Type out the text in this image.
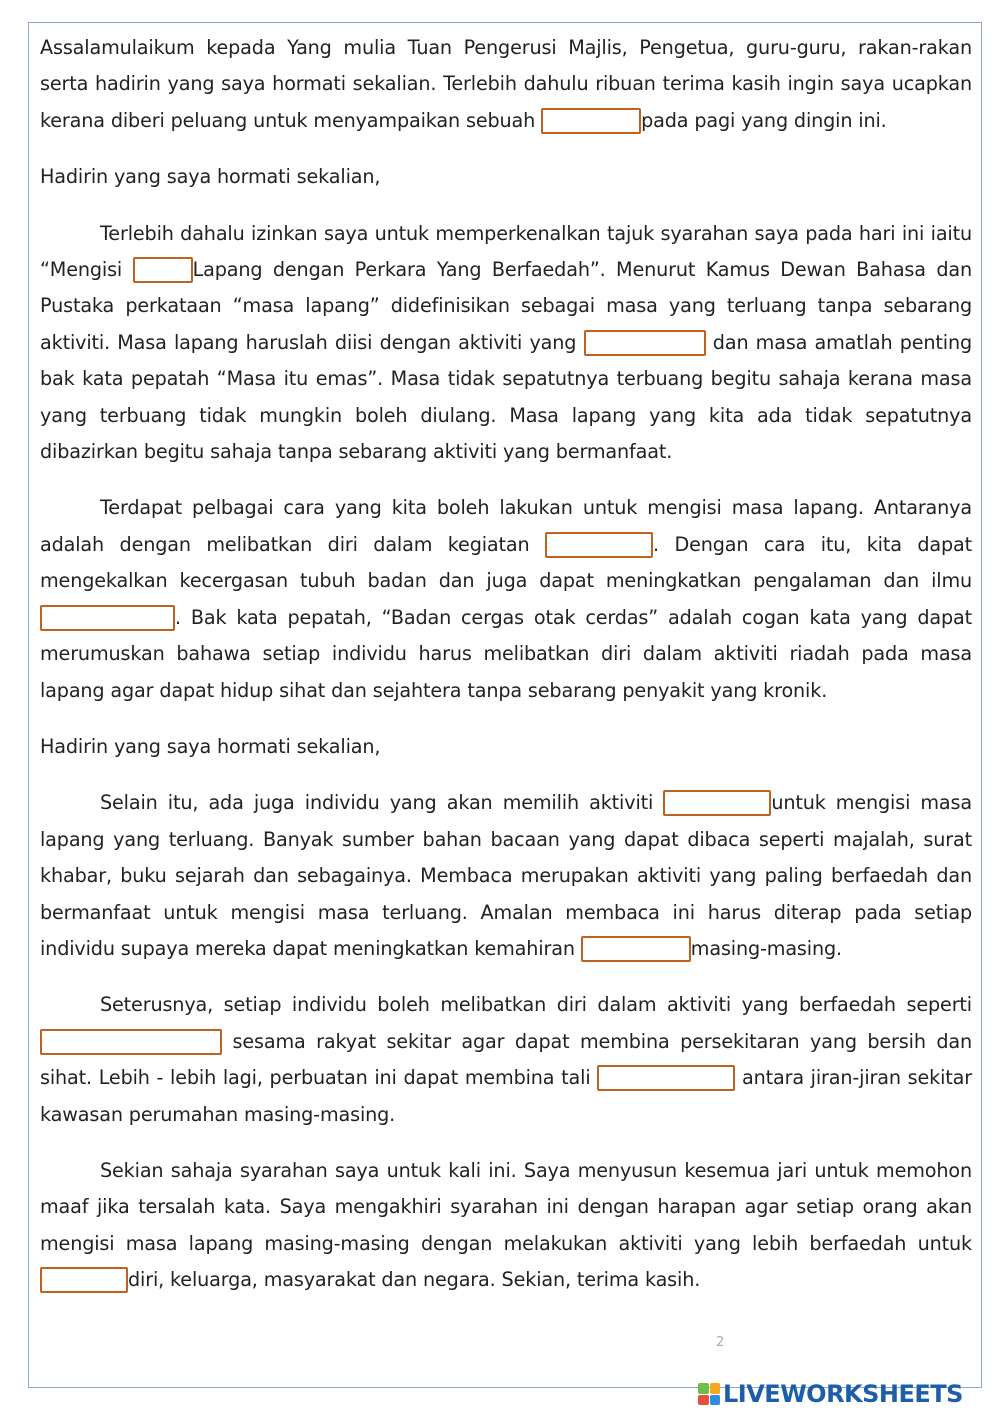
Assalamulaikum kepada Yang mulia Tuan Pengerusi Majlis, Pengetua, guru-guru, rakan-rakan serta hadirin yang saya hormati sekalian. Terlebih dahulu ribuan terima kasih ingin saya ucapkan kerana diberi peluang untuk menyampaikan sebuah	pada pagi yang dingin ini.

Hadirin yang saya hormati sekalian,

Terlebih dahalu izinkan saya untuk memperkenalkan tajuk syarahan saya pada hari ini iaitu “Mengisi	Lapang dengan Perkara Yang Berfaedah”. Menurut Kamus Dewan Bahasa dan Pustaka perkataan “masa lapang” didefinisikan sebagai masa yang terluang tanpa sebarang aktiviti. Masa lapang haruslah diisi dengan aktiviti yang	dan masa amatlah penting bak kata pepatah “Masa itu emas”. Masa tidak sepatutnya terbuang begitu sahaja kerana masa yang terbuang tidak mungkin boleh diulang. Masa lapang yang kita ada tidak sepatutnya dibazirkan begitu sahaja tanpa sebarang aktiviti yang bermanfaat.

Terdapat pelbagai cara yang kita boleh lakukan untuk mengisi masa lapang. Antaranya adalah dengan melibatkan diri dalam kegiatan	. Dengan cara itu, kita dapat mengekalkan kecergasan tubuh badan dan juga dapat meningkatkan pengalaman dan ilmu . Bak kata pepatah, “Badan cergas otak cerdas” adalah cogan kata yang dapat merumuskan bahawa setiap individu harus melibatkan diri dalam aktiviti riadah pada masa lapang agar dapat hidup sihat dan sejahtera tanpa sebarang penyakit yang kronik.

Hadirin yang saya hormati sekalian,

Selain itu, ada juga individu yang akan memilih aktiviti	untuk mengisi masa lapang yang terluang. Banyak sumber bahan bacaan yang dapat dibaca seperti majalah, surat khabar, buku sejarah dan sebagainya. Membaca merupakan aktiviti yang paling berfaedah dan bermanfaat untuk mengisi masa terluang. Amalan membaca ini harus diterap pada setiap individu supaya mereka dapat meningkatkan kemahiran	masing-masing.

Seterusnya, setiap individu boleh melibatkan diri dalam aktiviti yang berfaedah seperti  sesama rakyat sekitar agar dapat membina persekitaran yang bersih dan sihat. Lebih - lebih lagi, perbuatan ini dapat membina tali	antara jiran-jiran sekitar kawasan perumahan masing-masing.

Sekian sahaja syarahan saya untuk kali ini. Saya menyusun kesemua jari untuk memohon maaf jika tersalah kata. Saya mengakhiri syarahan ini dengan harapan agar setiap orang akan mengisi masa lapang masing-masing dengan melakukan aktiviti yang lebih berfaedah untuk diri, keluarga, masyarakat dan negara. Sekian, terima kasih.

2
LIVEWORKSHEETS
